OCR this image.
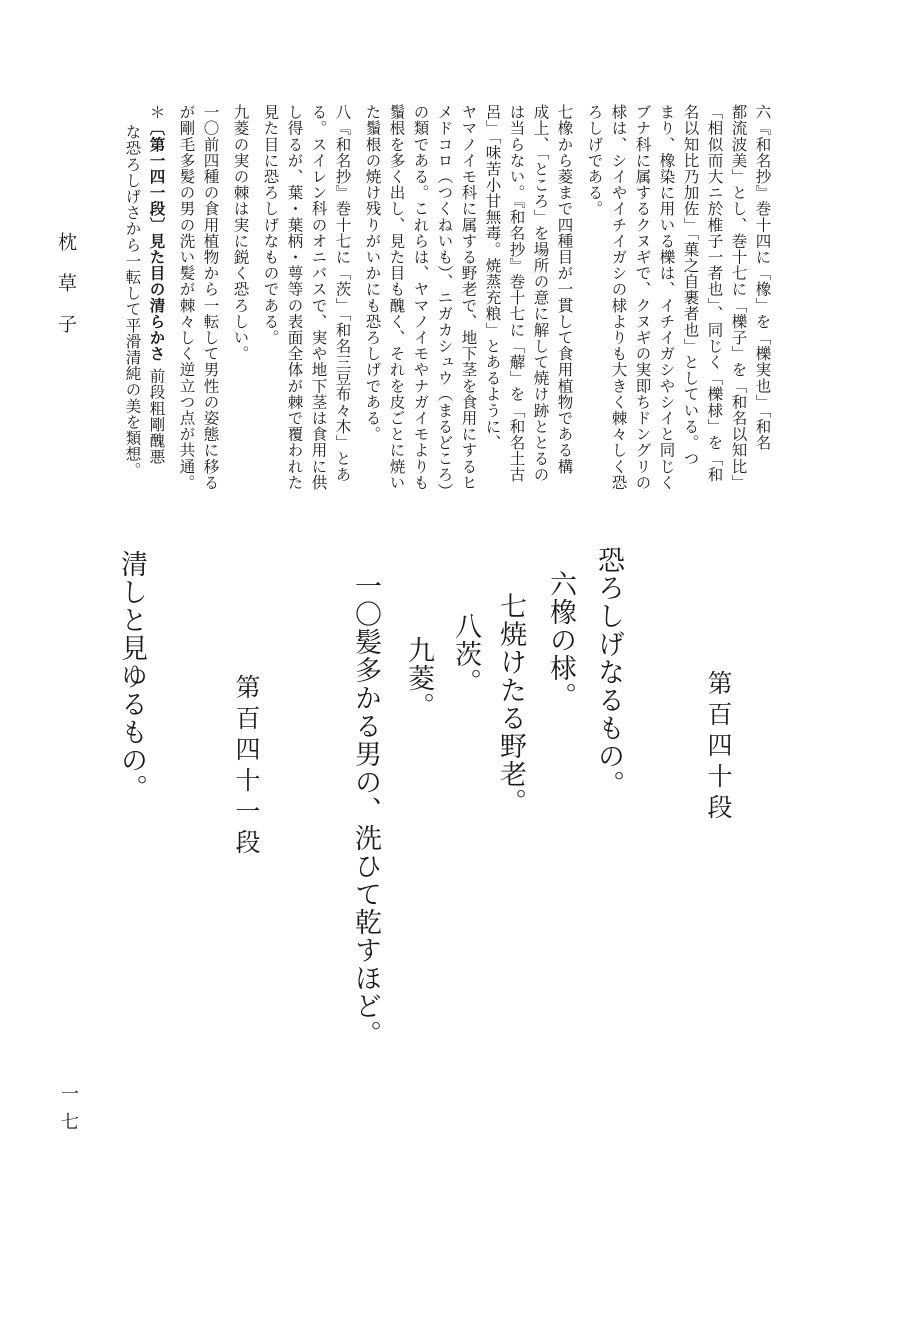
枕草子
一七
第百四十段
恐ろしげなるもの。
六橡の梂。
七焼けたる野老。
八茨。
九菱。
一〇髪多かる男の、洗ひて乾すほど。
第百四十一段
清しと見ゆるもの。
六『和名抄』巻十四に「橡」を「櫟実也」「和名
都流波美」とし、巻十七に「櫟子」を「和名以知比」
「相似而大ニ於椎子一者也」、同じく「櫟梂」を「和
名以知比乃加佐」「菓之自裹者也」としている。つ
まり、橡染に用いる櫟は、イチイガシやシイと同じく
ブナ科に属するクヌギで、クヌギの実即ちドングリの
梂は、シイやイチイガシの梂よりも大きく棘々しく恐
ろしげである。
七橡から菱まで四種目が一貫して食用植物である構
成上、「ところ」を場所の意に解して焼け跡ととるの
は当らない。『和名抄』巻十七に「薢」を「和名土古
呂」「味苦小甘無毒。焼蒸充粮」とあるように、
ヤマノイモ科に属する野老で、地下茎を食用にするヒ
メドコロ（つくねいも）、ニガカシュウ（まるどころ）
の類である。これらは、ヤマノイモやナガイモよりも
鬚根を多く出し、見た目も醜く、それを皮ごとに焼い
た鬚根の焼け残りがいかにも恐ろしげである。
八『和名抄』巻十七に「茨」「和名三豆布々木」とあ
る。スイレン科のオニバスで、実や地下茎は食用に供
し得るが、葉・葉柄・萼等の表面全体が棘で覆われた
見た目に恐ろしげなものである。
九菱の実の棘は実に鋭く恐ろしい。
一〇前四種の食用植物から一転して男性の姿態に移る
が剛毛多髪の男の洗い髪が棘々しく逆立つ点が共通。
＊〔第一四一段〕見た目の清らかさ前段粗剛醜悪
な恐ろしげさから一転して平滑清純の美を類想。
